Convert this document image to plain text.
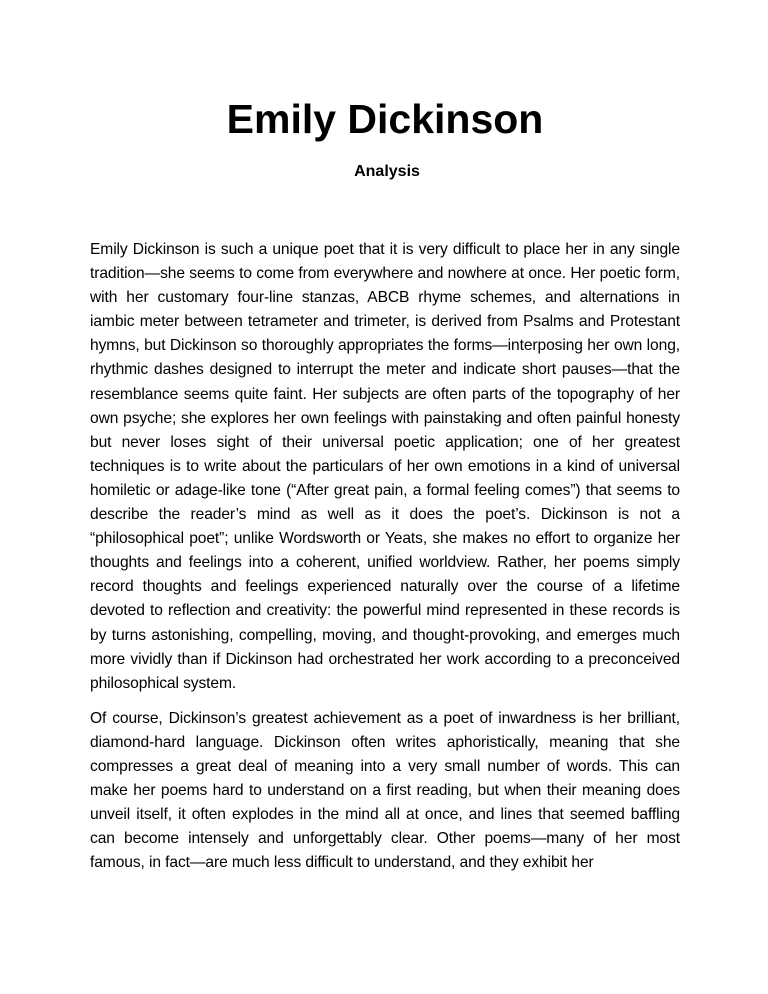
Emily Dickinson
Analysis

Emily Dickinson is such a unique poet that it is very difficult to place her in any single tradition—she seems to come from everywhere and nowhere at once. Her poetic form, with her customary four-line stanzas, ABCB rhyme schemes, and alternations in iambic meter between tetrameter and trimeter, is derived from Psalms and Protestant hymns, but Dickinson so thoroughly appropriates the forms—interposing her own long, rhythmic dashes designed to interrupt the meter and indicate short pauses—that the resemblance seems quite faint. Her subjects are often parts of the topography of her own psyche; she explores her own feelings with painstaking and often painful honesty but never loses sight of their universal poetic application; one of her greatest techniques is to write about the particulars of her own emotions in a kind of universal homiletic or adage-like tone (“After great pain, a formal feeling comes”) that seems to describe the reader’s mind as well as it does the poet’s. Dickinson is not a “philosophical poet”; unlike Wordsworth or Yeats, she makes no effort to organize her thoughts and feelings into a coherent, unified worldview. Rather, her poems simply record thoughts and feelings experienced naturally over the course of a lifetime devoted to reflection and creativity: the powerful mind represented in these records is by turns astonishing, compelling, moving, and thought-provoking, and emerges much more vividly than if Dickinson had orchestrated her work according to a preconceived philosophical system.

Of course, Dickinson’s greatest achievement as a poet of inwardness is her brilliant, diamond-hard language. Dickinson often writes aphoristically, meaning that she compresses a great deal of meaning into a very small number of words. This can make her poems hard to understand on a first reading, but when their meaning does unveil itself, it often explodes in the mind all at once, and lines that seemed baffling can become intensely and unforgettably clear. Other poems—many of her most famous, in fact—are much less difficult to understand, and they exhibit her
